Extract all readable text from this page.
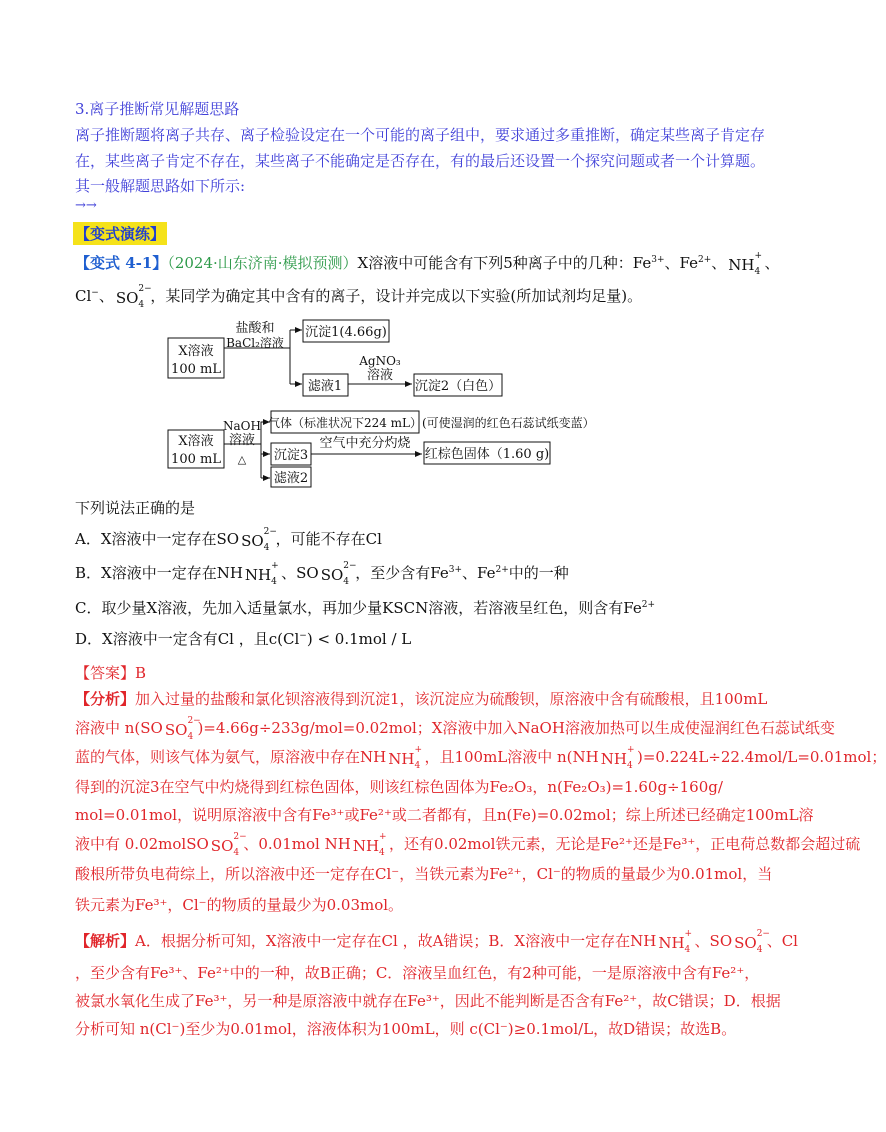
3.离子推断常见解题思路
离子推断题将离子共存、离子检验设定在一个可能的离子组中，要求通过多重推断，确定某些离子肯定存
在，某些离子肯定不存在，某些离子不能确定是否存在，有的最后还设置一个探究问题或者一个计算题。
其一般解题思路如下所示:
→→
【变式演练】
【变式 4-1】（2024·山东济南·模拟预测）X溶液中可能含有下列5种离子中的几种：$Fe^{3+}$、$Fe^{2+}$、 NH +
4 、
Cl−、 SO 2−
4 ，某同学为确定其中含有的离子，设计并完成以下实验(所加试剂均足量)。
X溶液
100 mL
盐酸和
BaCl₂溶液
沉淀1(4.66g)
滤液1
AgNO₃
溶液
沉淀2（白色）
X溶液
100 mL
NaOH
溶液
△
气体（标准状况下224 mL） (可使湿润的红色石蕊试纸变蓝）
沉淀3
空气中充分灼烧
红棕色固体（1.60 g)
滤液2
下列说法正确的是
A．X溶液中一定存在SO SO 2−
4 ，可能不存在Cl
B．X溶液中一定存在NH NH +
4 、SO SO 2−
4 ，至少含有$Fe^{3+}$、$Fe^{2+}$中的一种
C．取少量X溶液，先加入适量氯水，再加少量KSCN溶液，若溶液呈红色，则含有$Fe^{2+}$
D．X溶液中一定含有Cl ，且c(Cl−) < 0.1mol / L
【答案】B
【分析】加入过量的盐酸和氯化钡溶液得到沉淀1，该沉淀应为硫酸钡，原溶液中含有硫酸根，且100mL
溶液中 n(SO SO 2−
4 )=4.66g÷233g/mol=0.02mol；X溶液中加入NaOH溶液加热可以生成使湿润红色石蕊试纸变
蓝的气体，则该气体为氨气，原溶液中存在NH NH +
4 ，且100mL溶液中 n(NH NH +
4 )=0.224L÷22.4mol/L=0.01mol；
得到的沉淀3在空气中灼烧得到红棕色固体，则该红棕色固体为Fe₂O₃，n(Fe₂O₃)=1.60g÷160g/
mol=0.01mol，说明原溶液中含有Fe³⁺或Fe²⁺或二者都有，且n(Fe)=0.02mol；综上所述已经确定100mL溶
液中有 0.02molSO SO 2−
4 、0.01mol NH NH +
4 ，还有0.02mol铁元素，无论是Fe²⁺还是Fe³⁺，正电荷总数都会超过硫
酸根所带负电荷综上，所以溶液中还一定存在Cl⁻，当铁元素为Fe²⁺，Cl⁻的物质的量最少为0.01mol，当
铁元素为Fe³⁺，Cl⁻的物质的量最少为0.03mol。
【解析】A．根据分析可知，X溶液中一定存在Cl ，故A错误；B．X溶液中一定存在NH NH +
4 、SO SO 2−
4 、Cl
，至少含有Fe³⁺、Fe²⁺中的一种，故B正确；C．溶液呈血红色，有2种可能，一是原溶液中含有Fe²⁺，
被氯水氧化生成了Fe³⁺，另一种是原溶液中就存在Fe³⁺，因此不能判断是否含有Fe²⁺，故C错误；D．根据
分析可知 n(Cl⁻)至少为0.01mol，溶液体积为100mL，则 c(Cl⁻)≥0.1mol/L，故D错误；故选B。
